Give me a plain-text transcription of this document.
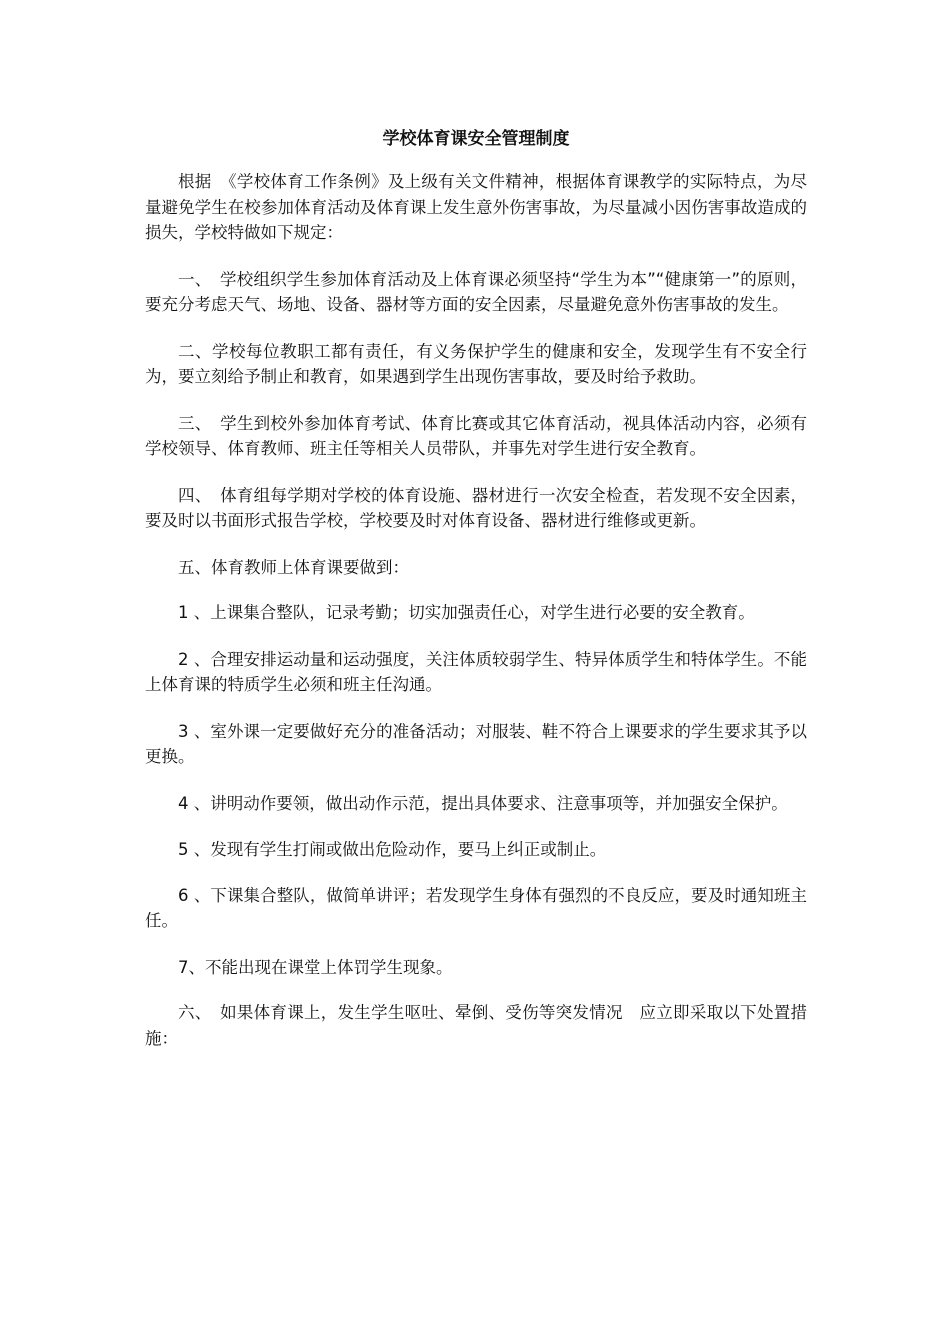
学校体育课安全管理制度

根据　《学校体育工作条例》及上级有关文件精神，根据体育课教学的实际特点，为尽量避免学生在校参加体育活动及体育课上发生意外伤害事故，为尽量减小因伤害事故造成的损失，学校特做如下规定：

一、　学校组织学生参加体育活动及上体育课必须坚持“学生为本”“健康第一”的原则，要充分考虑天气、场地、设备、器材等方面的安全因素，尽量避免意外伤害事故的发生。

二、学校每位教职工都有责任，有义务保护学生的健康和安全，发现学生有不安全行为，要立刻给予制止和教育，如果遇到学生出现伤害事故，要及时给予救助。

三、　学生到校外参加体育考试、体育比赛或其它体育活动，视具体活动内容，必须有学校领导、体育教师、班主任等相关人员带队，并事先对学生进行安全教育。

四、　体育组每学期对学校的体育设施、器材进行一次安全检查，若发现不安全因素，要及时以书面形式报告学校，学校要及时对体育设备、器材进行维修或更新。

五、体育教师上体育课要做到：

1 、上课集合整队，记录考勤；切实加强责任心，对学生进行必要的安全教育。

2 、合理安排运动量和运动强度，关注体质较弱学生、特异体质学生和特体学生。不能上体育课的特质学生必须和班主任沟通。

3 、室外课一定要做好充分的准备活动；对服装、鞋不符合上课要求的学生要求其予以更换。

4 、讲明动作要领，做出动作示范，提出具体要求、注意事项等，并加强安全保护。

5 、发现有学生打闹或做出危险动作，要马上纠正或制止。

6 、下课集合整队，做简单讲评；若发现学生身体有强烈的不良反应，要及时通知班主任。

7、不能出现在课堂上体罚学生现象。

六、　如果体育课上，发生学生呕吐、晕倒、受伤等突发情况　应立即采取以下处置措施：
